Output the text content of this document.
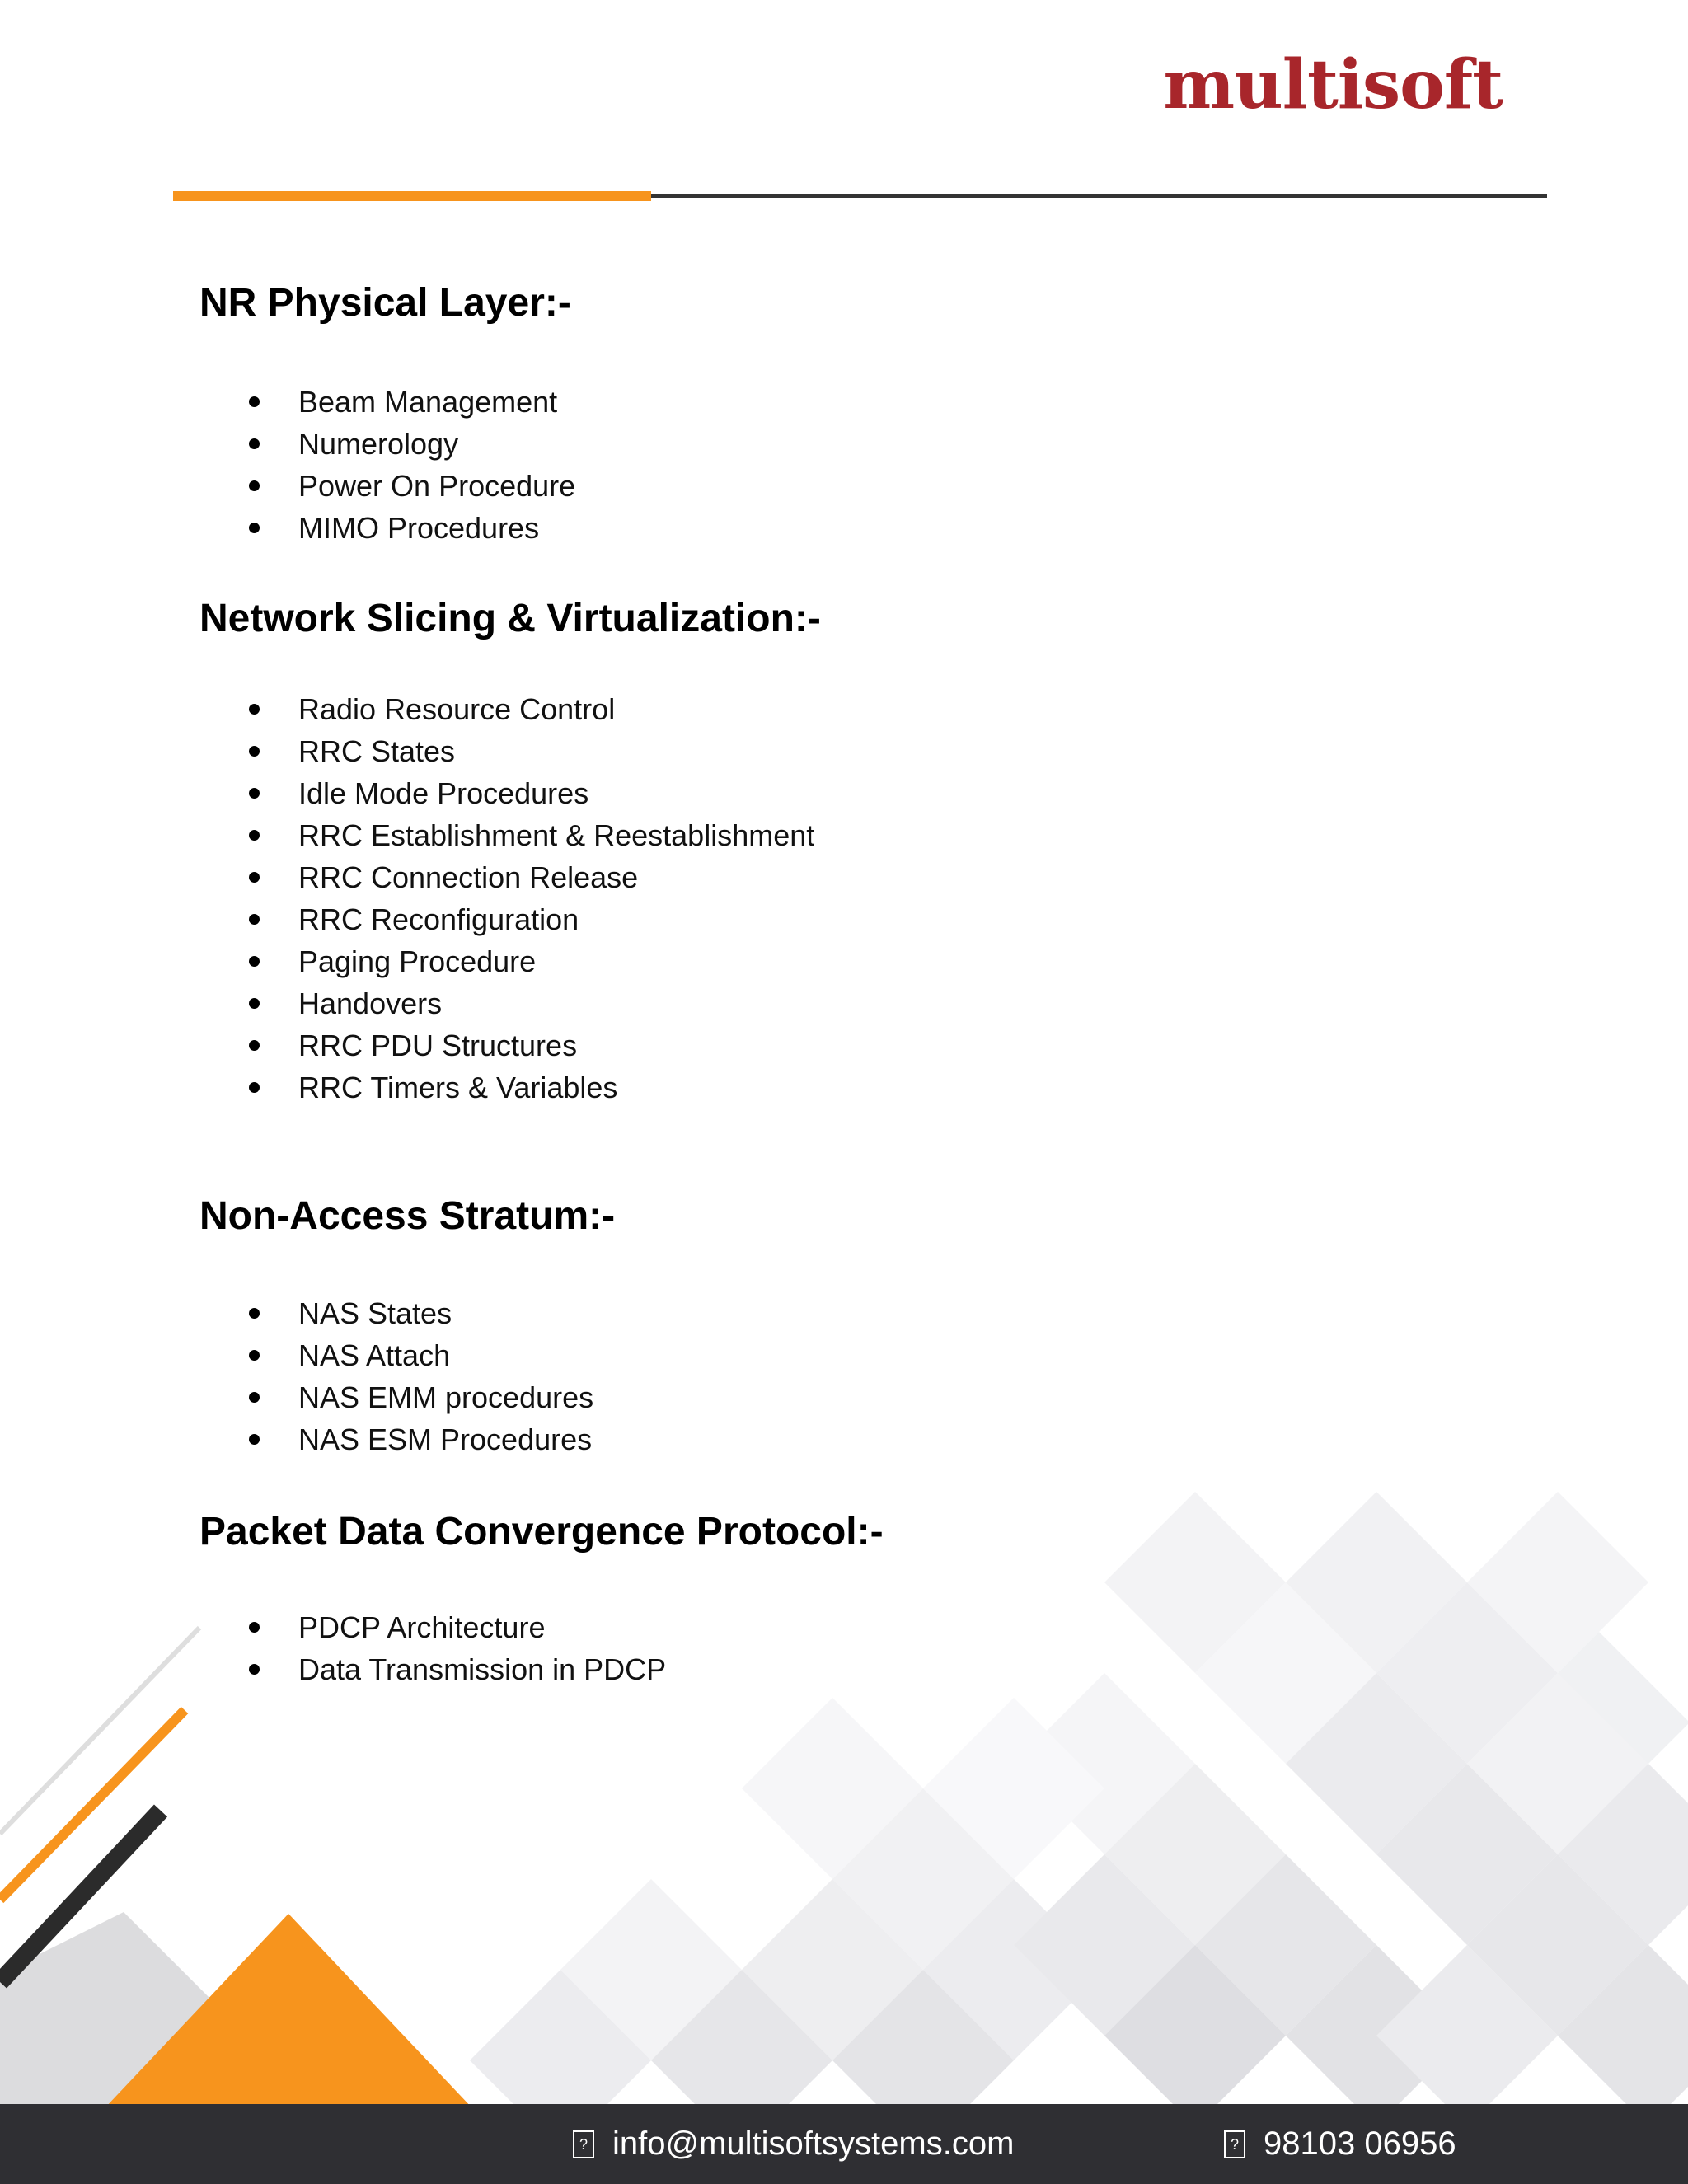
multisoft
NR Physical Layer:-
Beam Management
Numerology
Power On Procedure
MIMO Procedures
Network Slicing & Virtualization:-
Radio Resource Control
RRC States
Idle Mode Procedures
RRC Establishment & Reestablishment
RRC Connection Release
RRC Reconfiguration
Paging Procedure
Handovers
RRC PDU Structures
RRC Timers & Variables
Non-Access Stratum:-
NAS States
NAS Attach
NAS EMM procedures
NAS ESM Procedures
Packet Data Convergence Protocol:-
PDCP Architecture
Data Transmission in PDCP
? info@multisoftsystems.com	? 98103 06956
